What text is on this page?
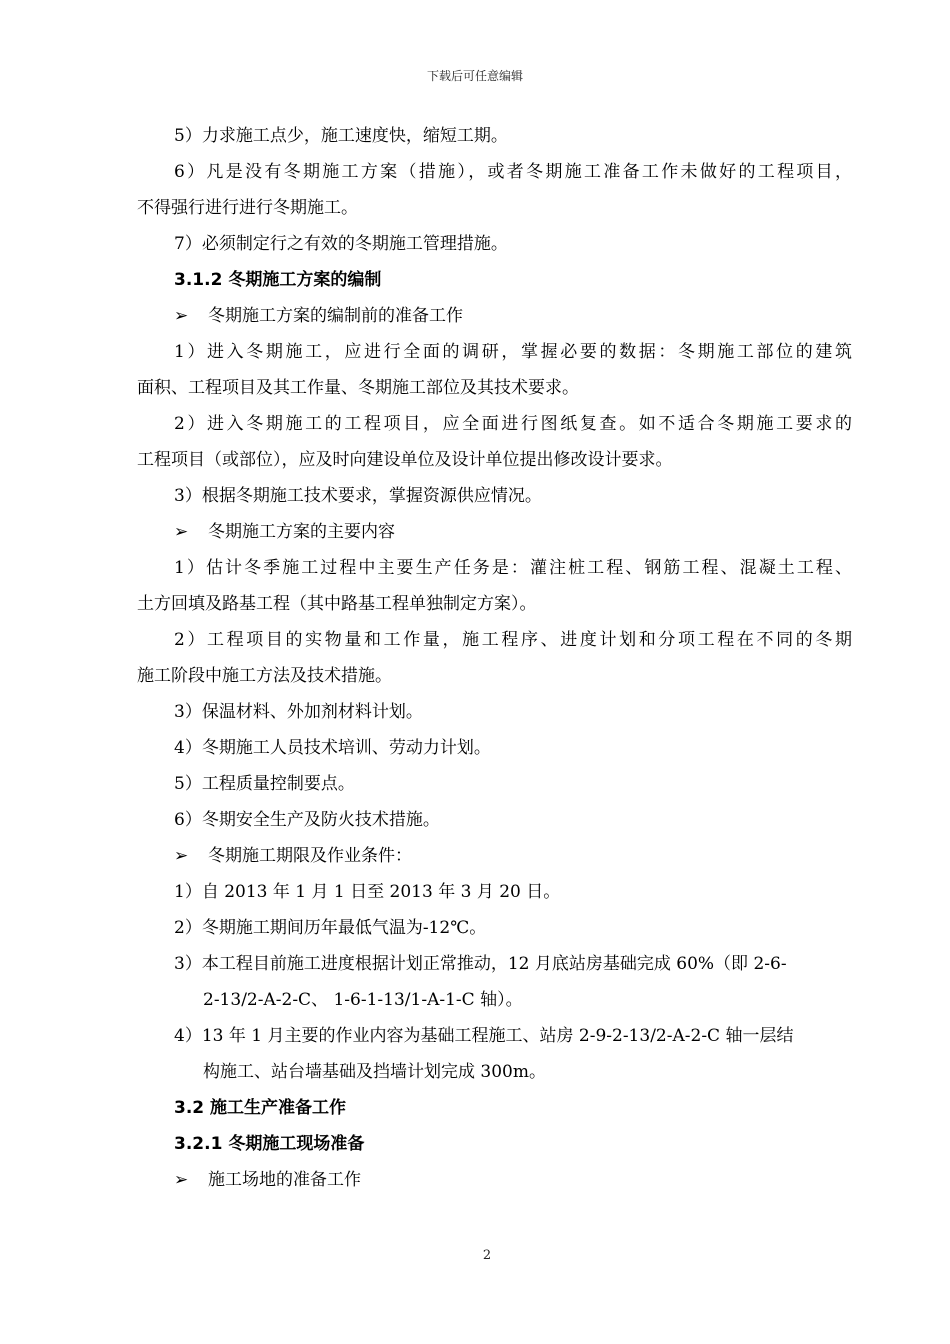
下载后可任意编辑
5）力求施工点少，施工速度快，缩短工期。
6）凡是没有冬期施工方案（措施），或者冬期施工准备工作未做好的工程项目，
不得强行进行进行冬期施工。
7）必须制定行之有效的冬期施工管理措施。
3.1.2 冬期施工方案的编制
➢ 冬期施工方案的编制前的准备工作
1）进入冬期施工，应进行全面的调研，掌握必要的数据：冬期施工部位的建筑
面积、工程项目及其工作量、冬期施工部位及其技术要求。
2）进入冬期施工的工程项目，应全面进行图纸复查。如不适合冬期施工要求的
工程项目（或部位），应及时向建设单位及设计单位提出修改设计要求。
3）根据冬期施工技术要求，掌握资源供应情况。
➢ 冬期施工方案的主要内容
1）估计冬季施工过程中主要生产任务是：灌注桩工程、钢筋工程、混凝土工程、
土方回填及路基工程（其中路基工程单独制定方案）。
2）工程项目的实物量和工作量，施工程序、进度计划和分项工程在不同的冬期
施工阶段中施工方法及技术措施。
3）保温材料、外加剂材料计划。
4）冬期施工人员技术培训、劳动力计划。
5）工程质量控制要点。
6）冬期安全生产及防火技术措施。
➢ 冬期施工期限及作业条件：
1）自 2013 年 1 月 1 日至 2013 年 3 月 20 日。
2）冬期施工期间历年最低气温为-12℃。
3）本工程目前施工进度根据计划正常推动，12 月底站房基础完成 60%（即 2-6-
2-13/2-A-2-C、 1-6-1-13/1-A-1-C 轴）。
4）13 年 1 月主要的作业内容为基础工程施工、站房 2-9-2-13/2-A-2-C 轴一层结
构施工、站台墙基础及挡墙计划完成 300m。
3.2 施工生产准备工作
3.2.1 冬期施工现场准备
➢ 施工场地的准备工作
2
